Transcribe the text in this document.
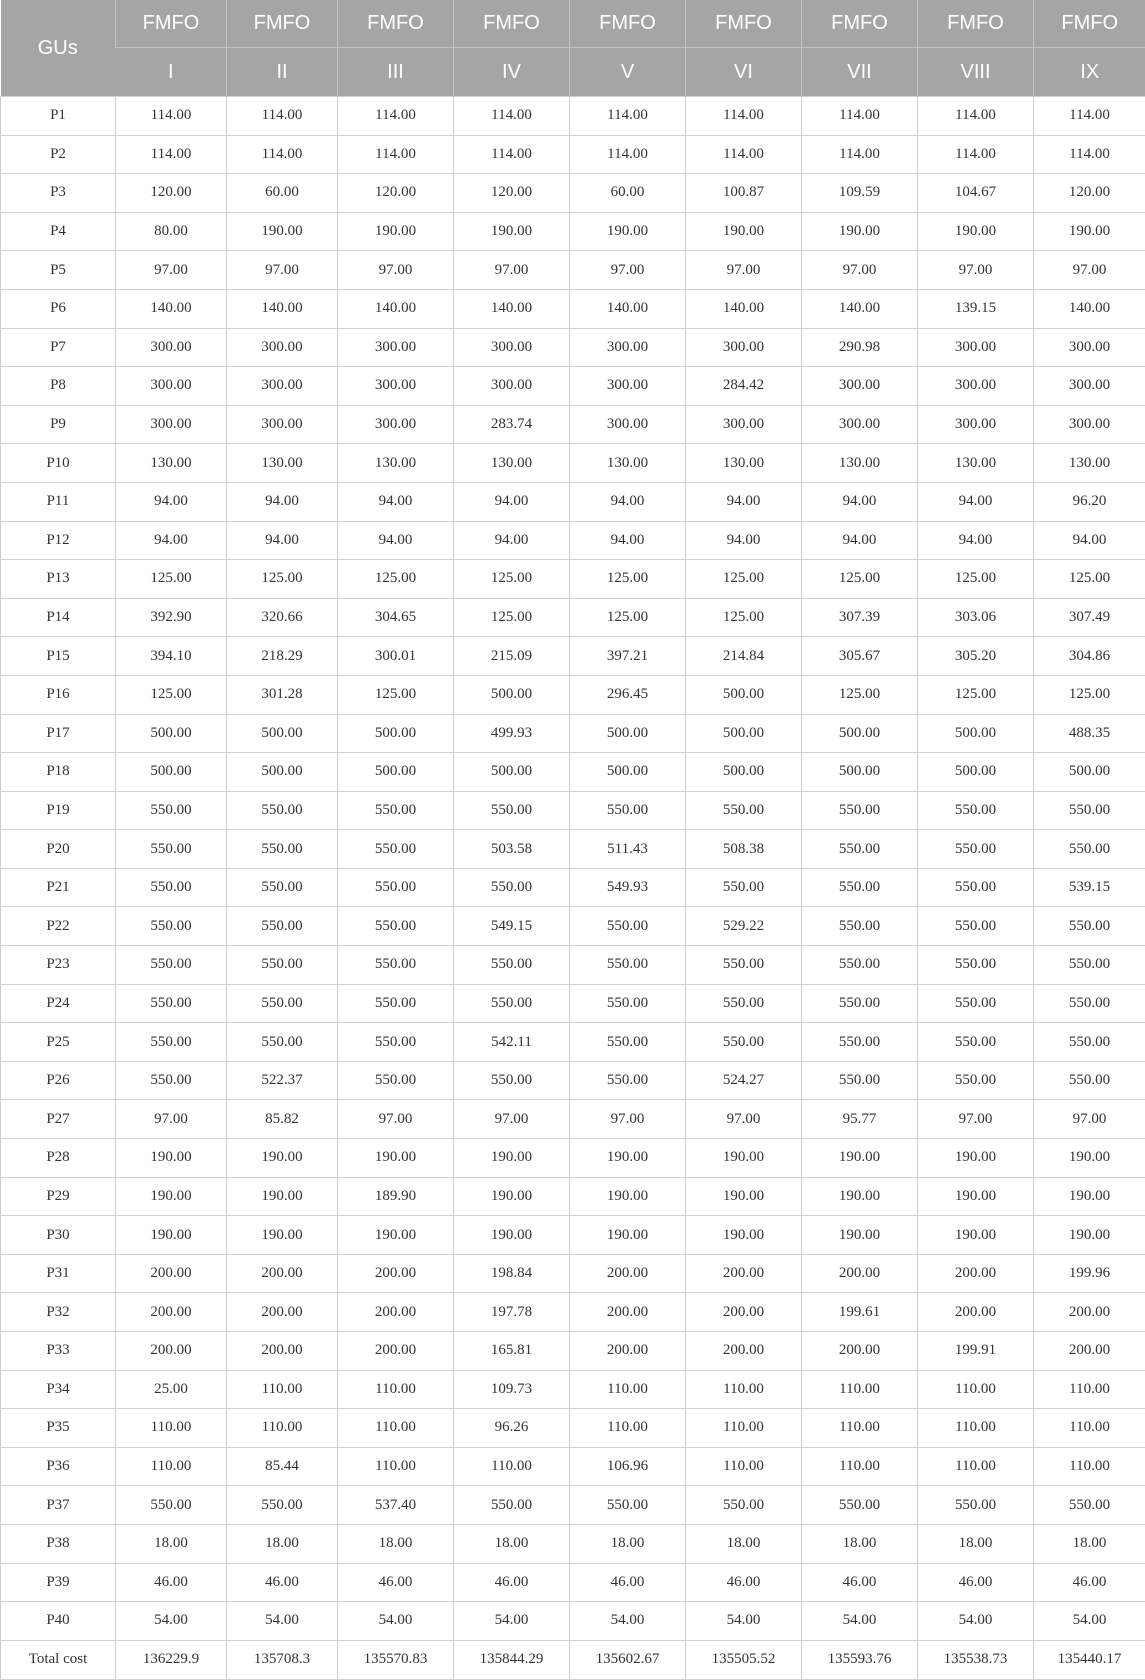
GUs	FMFO	FMFO	FMFO	FMFO	FMFO	FMFO	FMFO	FMFO	FMFO
	I	II	III	IV	V	VI	VII	VIII	IX
P1	114.00	114.00	114.00	114.00	114.00	114.00	114.00	114.00	114.00
P2	114.00	114.00	114.00	114.00	114.00	114.00	114.00	114.00	114.00
P3	120.00	60.00	120.00	120.00	60.00	100.87	109.59	104.67	120.00
P4	80.00	190.00	190.00	190.00	190.00	190.00	190.00	190.00	190.00
P5	97.00	97.00	97.00	97.00	97.00	97.00	97.00	97.00	97.00
P6	140.00	140.00	140.00	140.00	140.00	140.00	140.00	139.15	140.00
P7	300.00	300.00	300.00	300.00	300.00	300.00	290.98	300.00	300.00
P8	300.00	300.00	300.00	300.00	300.00	284.42	300.00	300.00	300.00
P9	300.00	300.00	300.00	283.74	300.00	300.00	300.00	300.00	300.00
P10	130.00	130.00	130.00	130.00	130.00	130.00	130.00	130.00	130.00
P11	94.00	94.00	94.00	94.00	94.00	94.00	94.00	94.00	96.20
P12	94.00	94.00	94.00	94.00	94.00	94.00	94.00	94.00	94.00
P13	125.00	125.00	125.00	125.00	125.00	125.00	125.00	125.00	125.00
P14	392.90	320.66	304.65	125.00	125.00	125.00	307.39	303.06	307.49
P15	394.10	218.29	300.01	215.09	397.21	214.84	305.67	305.20	304.86
P16	125.00	301.28	125.00	500.00	296.45	500.00	125.00	125.00	125.00
P17	500.00	500.00	500.00	499.93	500.00	500.00	500.00	500.00	488.35
P18	500.00	500.00	500.00	500.00	500.00	500.00	500.00	500.00	500.00
P19	550.00	550.00	550.00	550.00	550.00	550.00	550.00	550.00	550.00
P20	550.00	550.00	550.00	503.58	511.43	508.38	550.00	550.00	550.00
P21	550.00	550.00	550.00	550.00	549.93	550.00	550.00	550.00	539.15
P22	550.00	550.00	550.00	549.15	550.00	529.22	550.00	550.00	550.00
P23	550.00	550.00	550.00	550.00	550.00	550.00	550.00	550.00	550.00
P24	550.00	550.00	550.00	550.00	550.00	550.00	550.00	550.00	550.00
P25	550.00	550.00	550.00	542.11	550.00	550.00	550.00	550.00	550.00
P26	550.00	522.37	550.00	550.00	550.00	524.27	550.00	550.00	550.00
P27	97.00	85.82	97.00	97.00	97.00	97.00	95.77	97.00	97.00
P28	190.00	190.00	190.00	190.00	190.00	190.00	190.00	190.00	190.00
P29	190.00	190.00	189.90	190.00	190.00	190.00	190.00	190.00	190.00
P30	190.00	190.00	190.00	190.00	190.00	190.00	190.00	190.00	190.00
P31	200.00	200.00	200.00	198.84	200.00	200.00	200.00	200.00	199.96
P32	200.00	200.00	200.00	197.78	200.00	200.00	199.61	200.00	200.00
P33	200.00	200.00	200.00	165.81	200.00	200.00	200.00	199.91	200.00
P34	25.00	110.00	110.00	109.73	110.00	110.00	110.00	110.00	110.00
P35	110.00	110.00	110.00	96.26	110.00	110.00	110.00	110.00	110.00
P36	110.00	85.44	110.00	110.00	106.96	110.00	110.00	110.00	110.00
P37	550.00	550.00	537.40	550.00	550.00	550.00	550.00	550.00	550.00
P38	18.00	18.00	18.00	18.00	18.00	18.00	18.00	18.00	18.00
P39	46.00	46.00	46.00	46.00	46.00	46.00	46.00	46.00	46.00
P40	54.00	54.00	54.00	54.00	54.00	54.00	54.00	54.00	54.00
Total cost	136229.9	135708.3	135570.83	135844.29	135602.67	135505.52	135593.76	135538.73	135440.17
